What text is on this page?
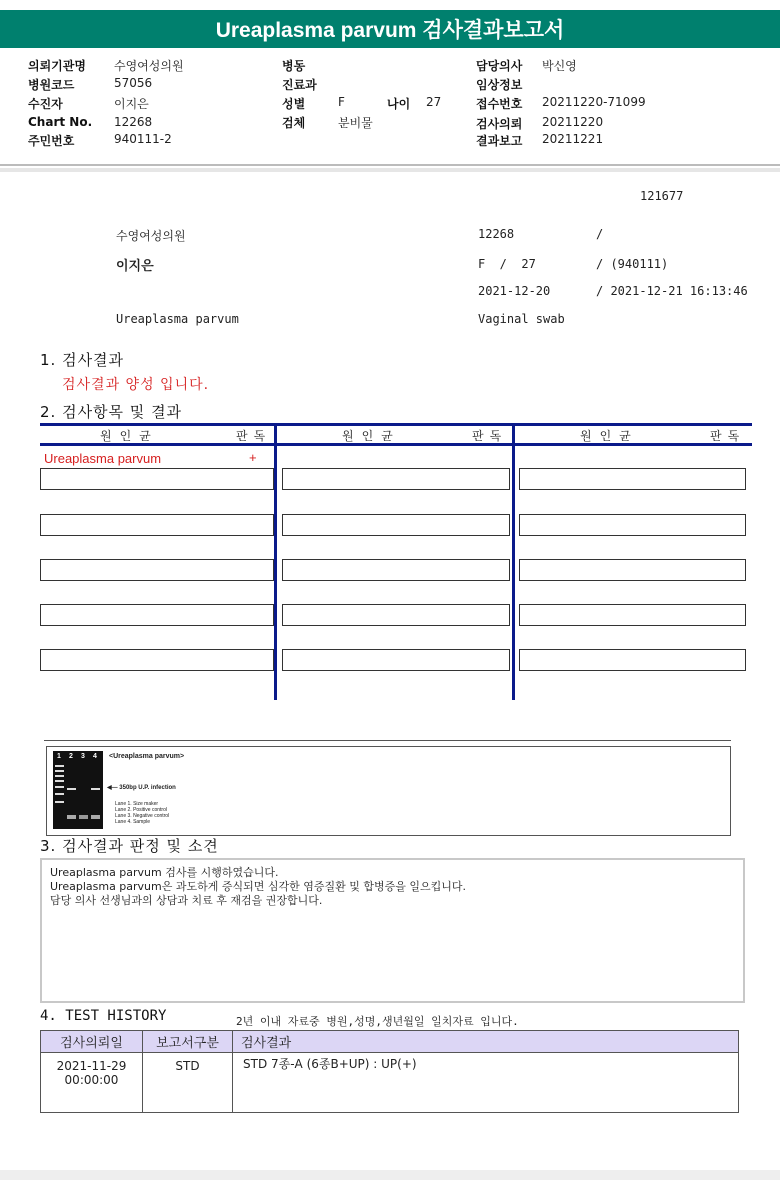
Ureaplasma parvum 검사결과보고서
의뢰기관명 수영여성의원
병원코드	57056
수진자	이지은
Chart No. 12268
주민번호	940111-2
병동
진료과
성별	F	나이 27
검체	분비물
담당의사 박신영
임상정보
접수번호 20211220-71099
검사의뢰 20211220
결과보고 20211221
121677
수영여성의원	12268	/
이지은	F  /  27	/ (940111)
2021-12-20	/ 2021-12-21 16:13:46
Ureaplasma parvum	Vaginal swab
1. 검사결과
검사결과 양성 입니다.
2. 검사항목 및 결과
원인균	판독	원인균	판독	원인균	판독
Ureaplasma parvum	+
1 2 3 4 <Ureaplasma parvum>
◀— 350bp U.P. infection
Lane 1. Size maker
Lane 2. Positive control
Lane 3. Negative control
Lane 4. Sample
3. 검사결과 판정 및 소견
Ureaplasma parvum 검사를 시행하였습니다.
Ureaplasma parvum은 과도하게 증식되면 심각한 염증질환 및 합병증을 일으킵니다.
담당 의사 선생님과의 상담과 치료 후 재검을 권장합니다.
4. TEST HISTORY	2년 이내 자료중 병원,성명,생년월일 일치자료 입니다.
검사의뢰일	보고서구분	검사결과

2021-11-29
00:00:00	STD	STD 7종-A (6종B+UP) : UP(+)
